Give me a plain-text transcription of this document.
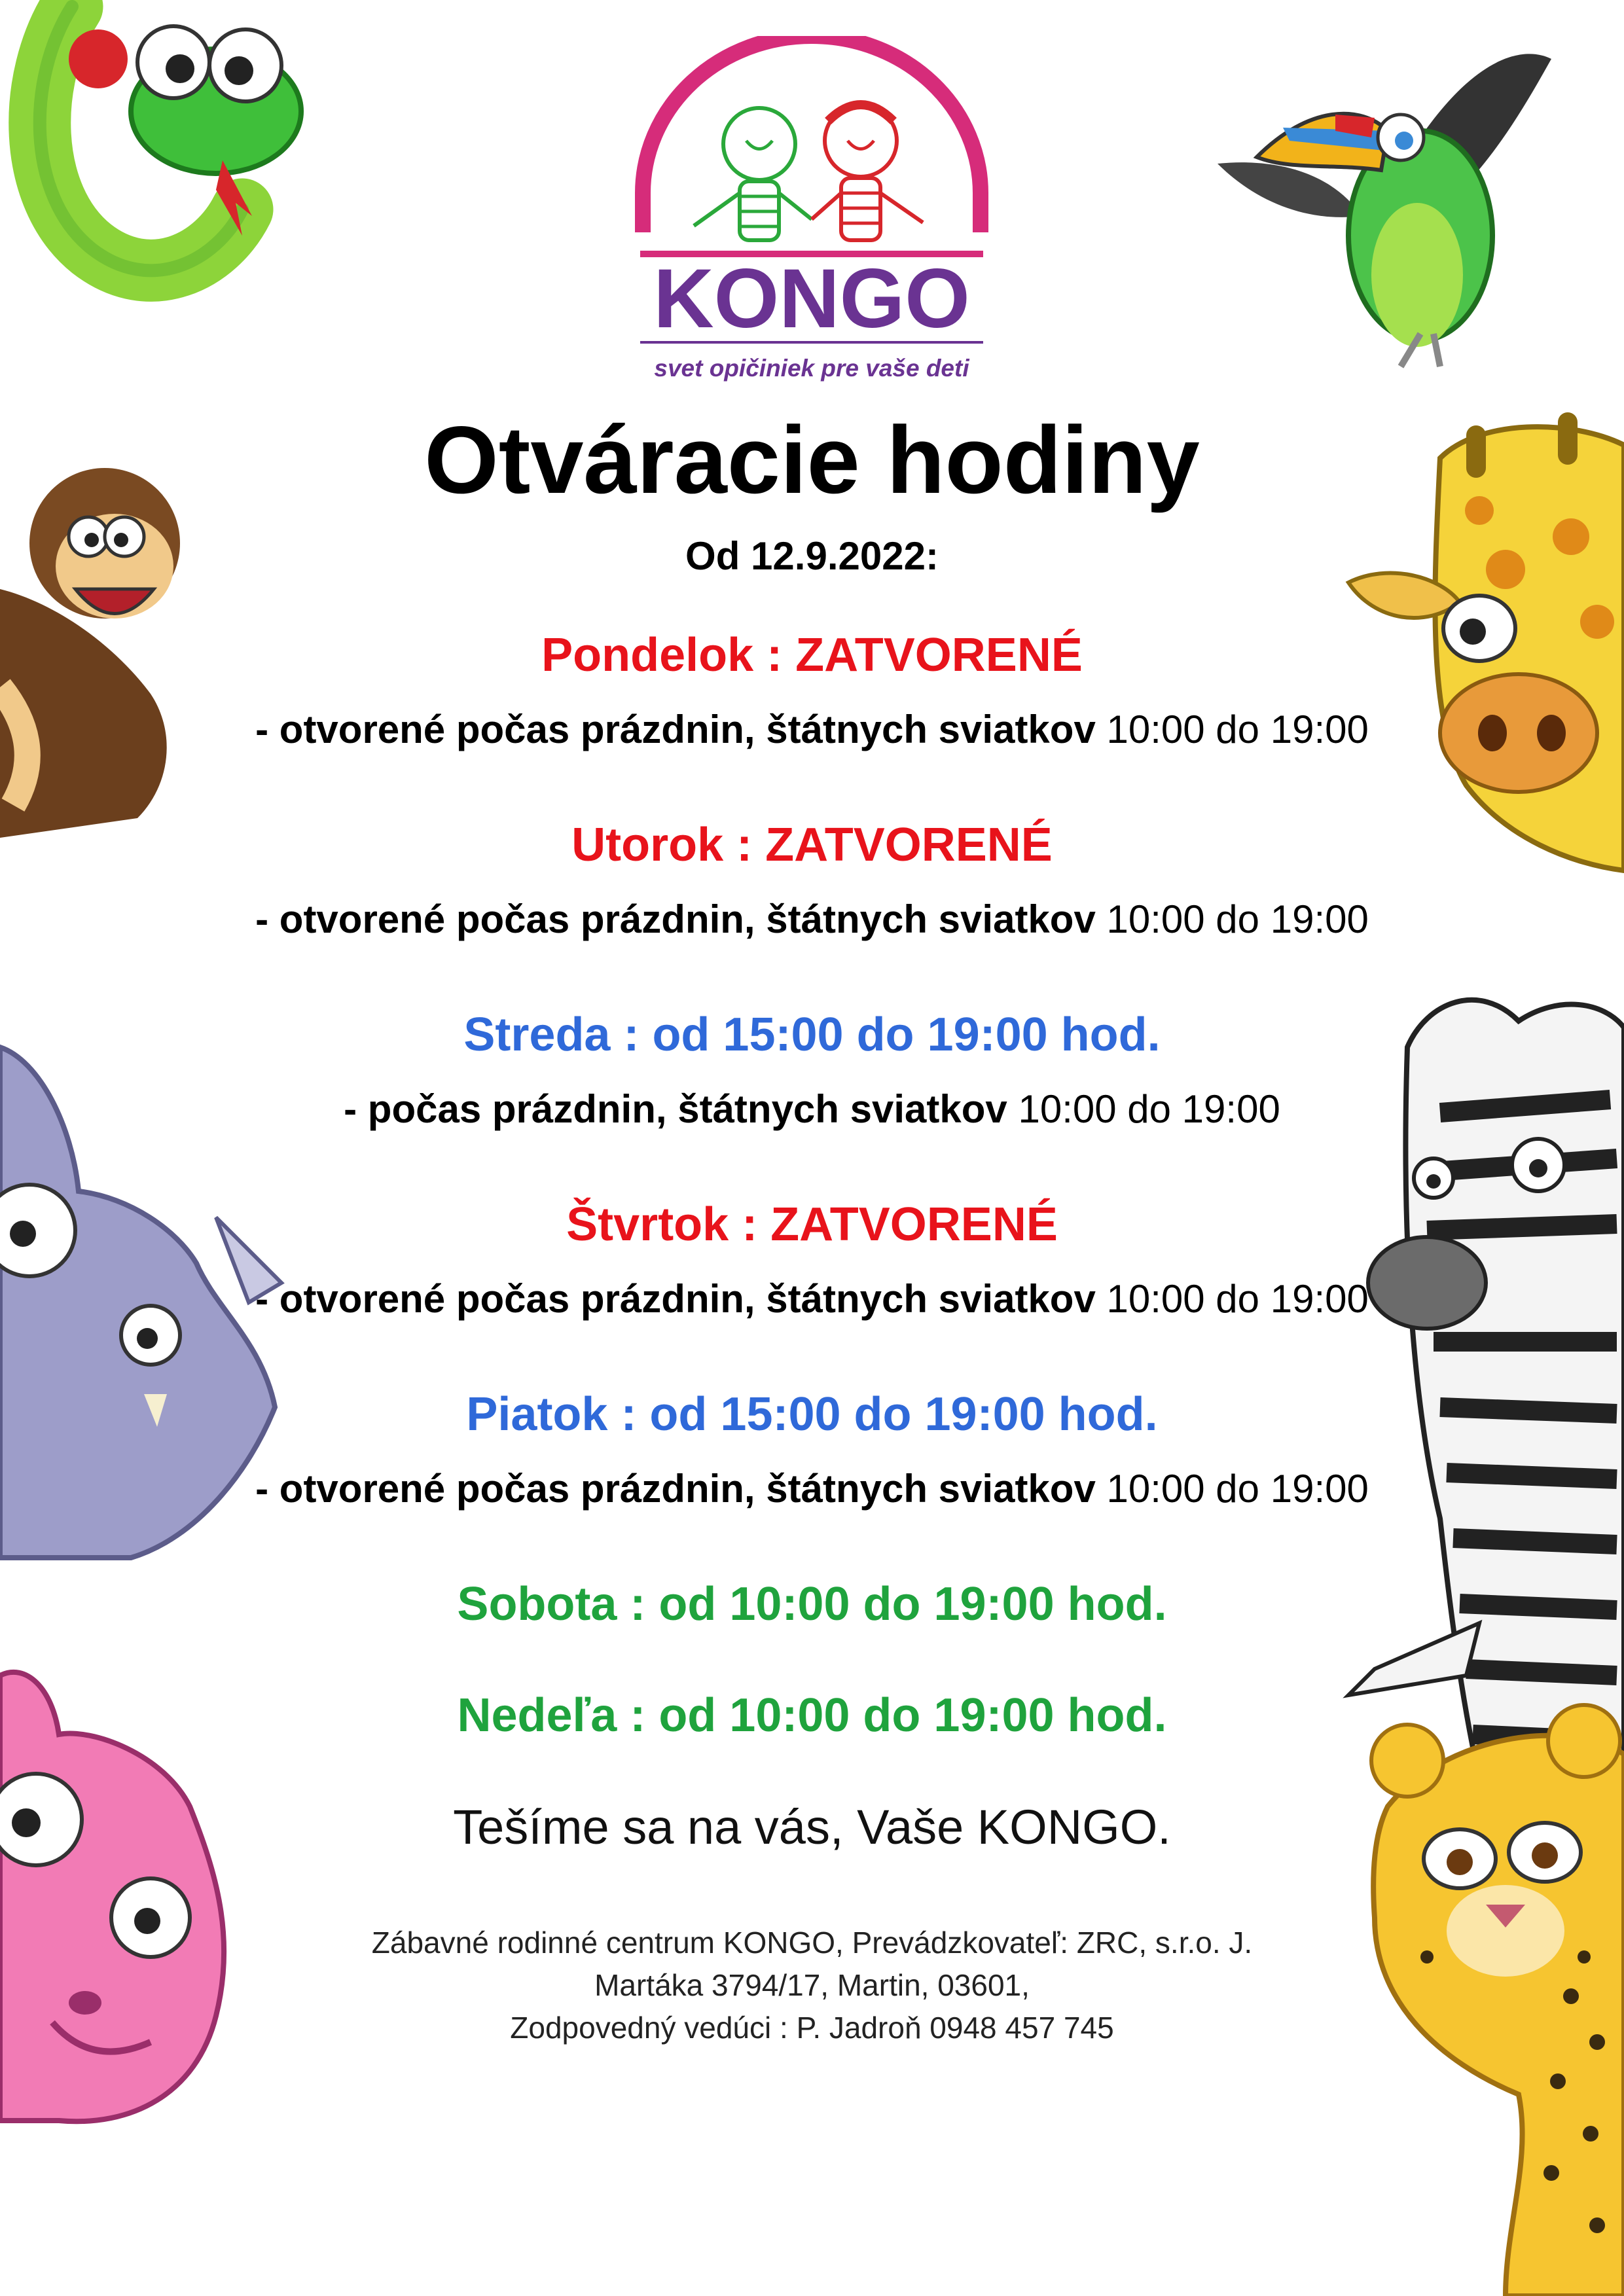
KONGO
svet opičiniek pre vaše deti
Otváracie hodiny
Od 12.9.2022:
Pondelok : ZATVORENÉ
- otvorené počas prázdnin, štátnych sviatkov 10:00 do 19:00
Utorok : ZATVORENÉ
- otvorené počas prázdnin, štátnych sviatkov 10:00 do 19:00
Streda : od 15:00 do 19:00 hod.
- počas prázdnin, štátnych sviatkov 10:00 do 19:00
Štvrtok : ZATVORENÉ
- otvorené počas prázdnin, štátnych sviatkov 10:00 do 19:00
Piatok : od 15:00 do 19:00 hod.
- otvorené počas prázdnin, štátnych sviatkov 10:00 do 19:00
Sobota : od 10:00 do 19:00 hod.
Nedeľa : od 10:00 do 19:00 hod.
Tešíme sa na vás, Vaše KONGO.
Zábavné rodinné centrum KONGO, Prevádzkovateľ: ZRC, s.r.o. J.
Martáka 3794/17, Martin, 03601,
Zodpovedný vedúci : P. Jadroň 0948 457 745
